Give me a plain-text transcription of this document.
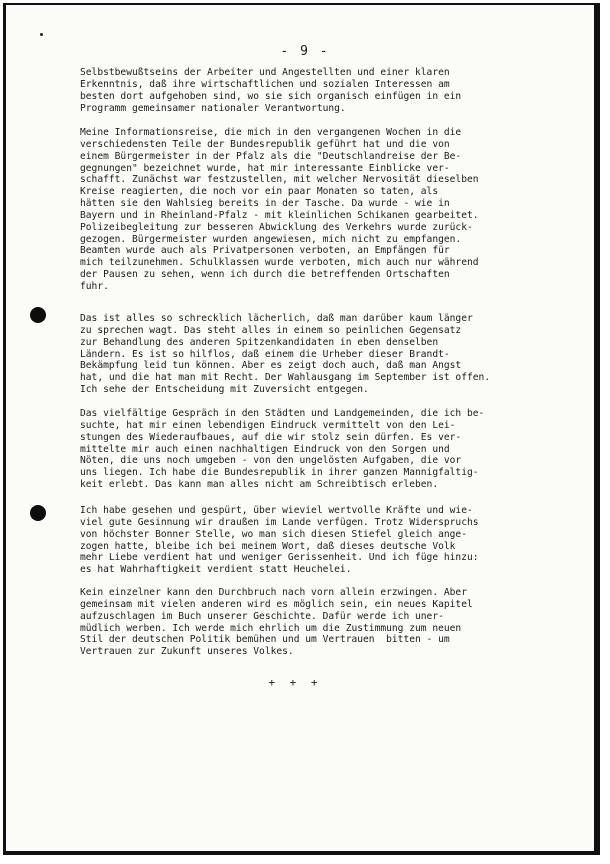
- 9 -
Selbstbewußtseins der Arbeiter und Angestellten und einer klaren
Erkenntnis, daß ihre wirtschaftlichen und sozialen Interessen am
besten dort aufgehoben sind, wo sie sich organisch einfügen in ein
Programm gemeinsamer nationaler Verantwortung.
Meine Informationsreise, die mich in den vergangenen Wochen in die
verschiedensten Teile der Bundesrepublik geführt hat und die von
einem Bürgermeister in der Pfalz als die "Deutschlandreise der Be-
gegnungen" bezeichnet wurde, hat mir interessante Einblicke ver-
schafft. Zunächst war festzustellen, mit welcher Nervosität dieselben
Kreise reagierten, die noch vor ein paar Monaten so taten, als
hätten sie den Wahlsieg bereits in der Tasche. Da wurde - wie in
Bayern und in Rheinland-Pfalz - mit kleinlichen Schikanen gearbeitet.
Polizeibegleitung zur besseren Abwicklung des Verkehrs wurde zurück-
gezogen. Bürgermeister wurden angewiesen, mich nicht zu empfangen.
Beamten wurde auch als Privatpersonen verboten, an Empfängen für
mich teilzunehmen. Schulklassen wurde verboten, mich auch nur während
der Pausen zu sehen, wenn ich durch die betreffenden Ortschaften
fuhr.
Das ist alles so schrecklich lächerlich, daß man darüber kaum länger
zu sprechen wagt. Das steht alles in einem so peinlichen Gegensatz
zur Behandlung des anderen Spitzenkandidaten in eben denselben
Ländern. Es ist so hilflos, daß einem die Urheber dieser Brandt-
Bekämpfung leid tun können. Aber es zeigt doch auch, daß man Angst
hat, und die hat man mit Recht. Der Wahlausgang im September ist offen.
Ich sehe der Entscheidung mit Zuversicht entgegen.
Das vielfältige Gespräch in den Städten und Landgemeinden, die ich be-
suchte, hat mir einen lebendigen Eindruck vermittelt von den Lei-
stungen des Wiederaufbaues, auf die wir stolz sein dürfen. Es ver-
mittelte mir auch einen nachhaltigen Eindruck von den Sorgen und
Nöten, die uns noch umgeben - von den ungelösten Aufgaben, die vor
uns liegen. Ich habe die Bundesrepublik in ihrer ganzen Mannigfaltig-
keit erlebt. Das kann man alles nicht am Schreibtisch erleben.
Ich habe gesehen und gespürt, über wieviel wertvolle Kräfte und wie-
viel gute Gesinnung wir draußen im Lande verfügen. Trotz Widerspruchs
von höchster Bonner Stelle, wo man sich diesen Stiefel gleich ange-
zogen hatte, bleibe ich bei meinem Wort, daß dieses deutsche Volk
mehr Liebe verdient hat und weniger Gerissenheit. Und ich füge hinzu:
es hat Wahrhaftigkeit verdient statt Heuchelei.
Kein einzelner kann den Durchbruch nach vorn allein erzwingen. Aber
gemeinsam mit vielen anderen wird es möglich sein, ein neues Kapitel
aufzuschlagen im Buch unserer Geschichte. Dafür werde ich uner-
müdlich werben. Ich werde mich ehrlich um die Zustimmung zum neuen
Stil der deutschen Politik bemühen und um Vertrauen  bitten - um
Vertrauen zur Zukunft unseres Volkes.
+ + +
